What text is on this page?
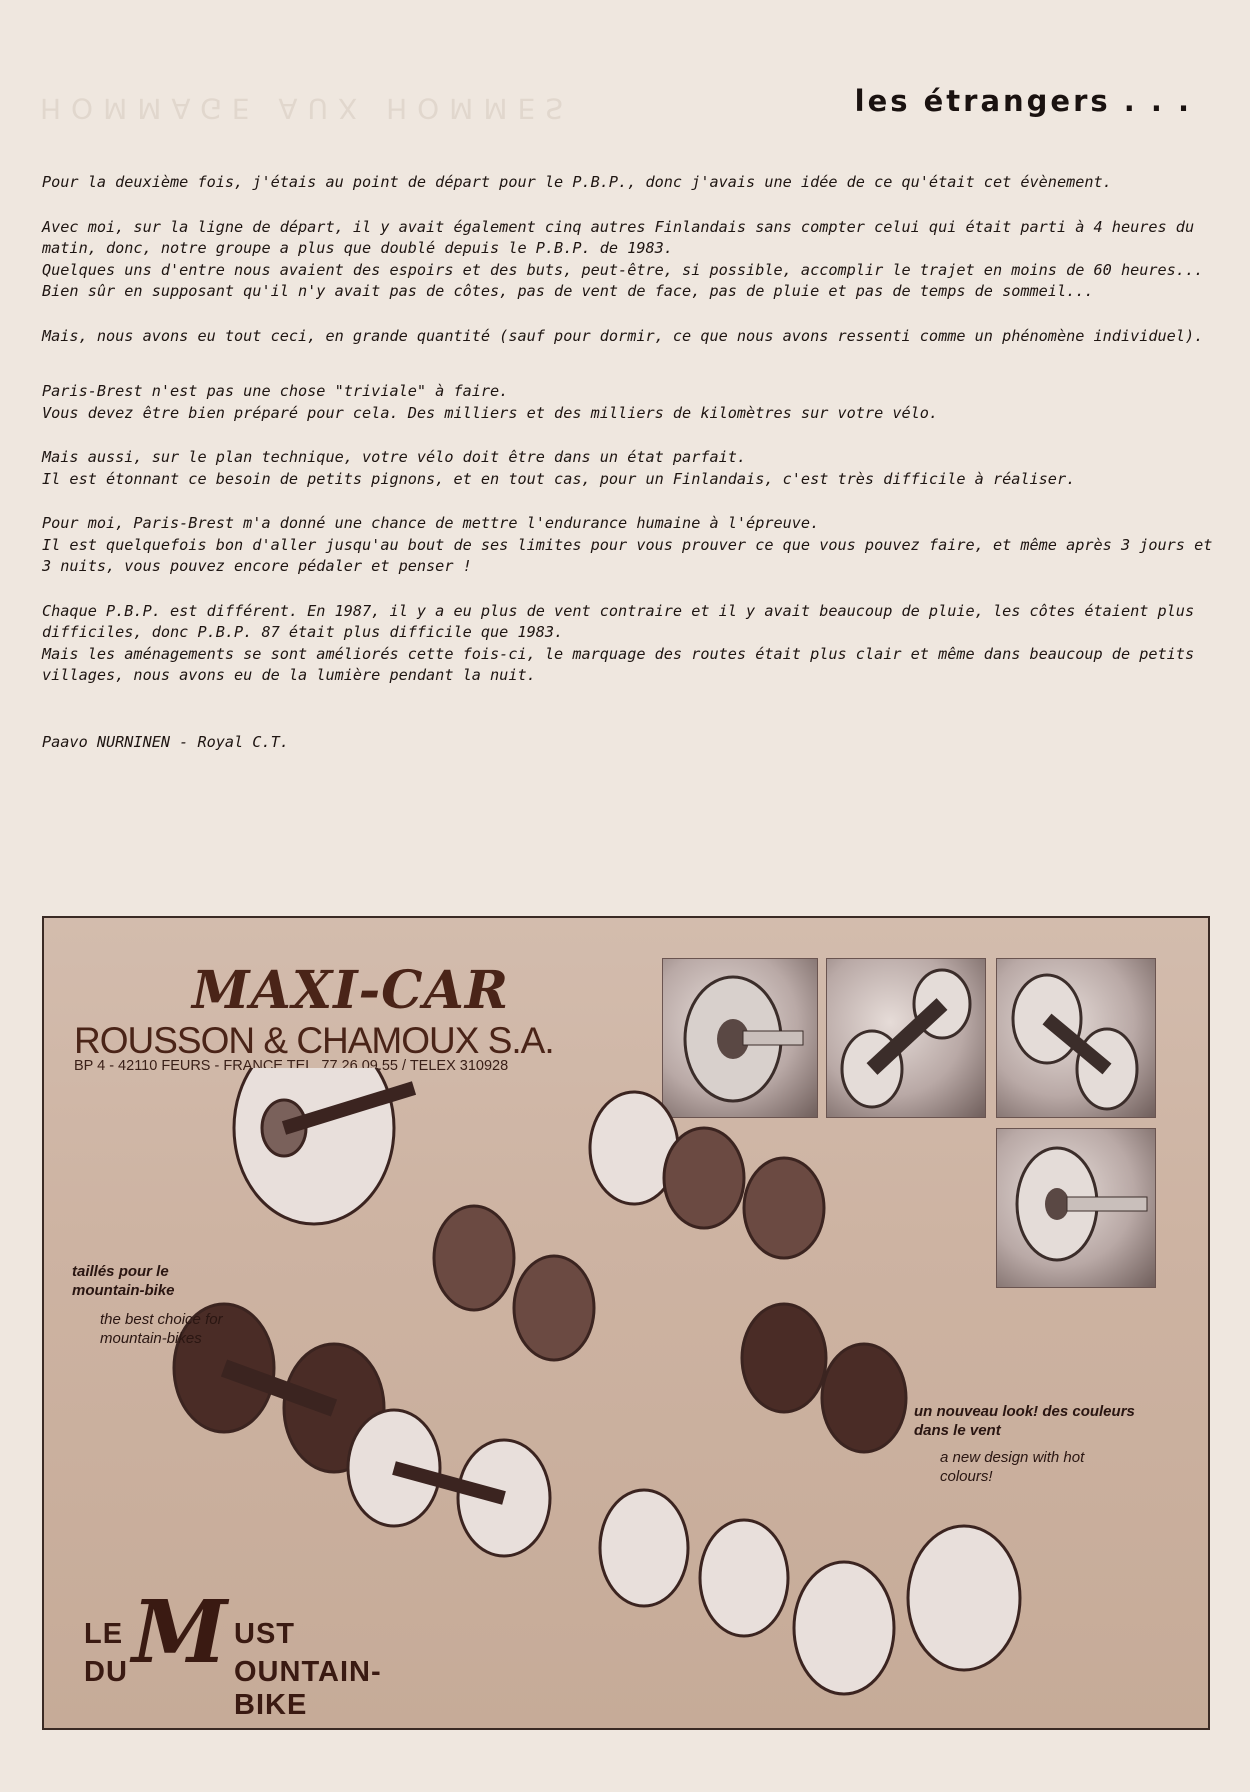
HOMMAGE AUX HOMMES	les étrangers . . .

Pour la deuxième fois, j'étais au point de départ pour le P.B.P., donc j'avais une idée de ce qu'était cet évènement.

Avec moi, sur la ligne de départ, il y avait également cinq autres Finlandais sans compter celui qui était parti à 4 heures du matin, donc, notre groupe a plus que doublé depuis le P.B.P. de 1983.

Quelques uns d'entre nous avaient des espoirs et des buts, peut-être, si possible, accomplir le trajet en moins de 60 heures... Bien sûr en supposant qu'il n'y avait pas de côtes, pas de vent de face, pas de pluie et pas de temps de sommeil...

Mais, nous avons eu tout ceci, en grande quantité (sauf pour dormir, ce que nous avons ressenti comme un phénomène individuel).

Paris-Brest n'est pas une chose "triviale" à faire.

Vous devez être bien préparé pour cela. Des milliers et des milliers de kilomètres sur votre vélo.

Mais aussi, sur le plan technique, votre vélo doit être dans un état parfait.

Il est étonnant ce besoin de petits pignons, et en tout cas, pour un Finlandais, c'est très difficile à réaliser.

Pour moi, Paris-Brest m'a donné une chance de mettre l'endurance humaine à l'épreuve.

Il est quelquefois bon d'aller jusqu'au bout de ses limites pour vous prouver ce que vous pouvez faire, et même après 3 jours et 3 nuits, vous pouvez encore pédaler et penser !

Chaque P.B.P. est différent. En 1987, il y a eu plus de vent contraire et il y avait beaucoup de pluie, les côtes étaient plus difficiles, donc P.B.P. 87 était plus difficile que 1983.

Mais les aménagements se sont améliorés cette fois-ci, le marquage des routes était plus clair et même dans beaucoup de petits villages, nous avons eu de la lumière pendant la nuit.

Paavo NURNINEN - Royal C.T.
MAXI-CAR
ROUSSON & CHAMOUX S.A.
BP 4 - 42110 FEURS - FRANCE TEL. 77.26.09.55 / TELEX 310928
taillés pour le mountain-bike
the best choice for mountain-bikes
un nouveau look! des couleurs dans le vent
a new design with hot colours!
LE
DU M UST
OUNTAIN-BIKE
